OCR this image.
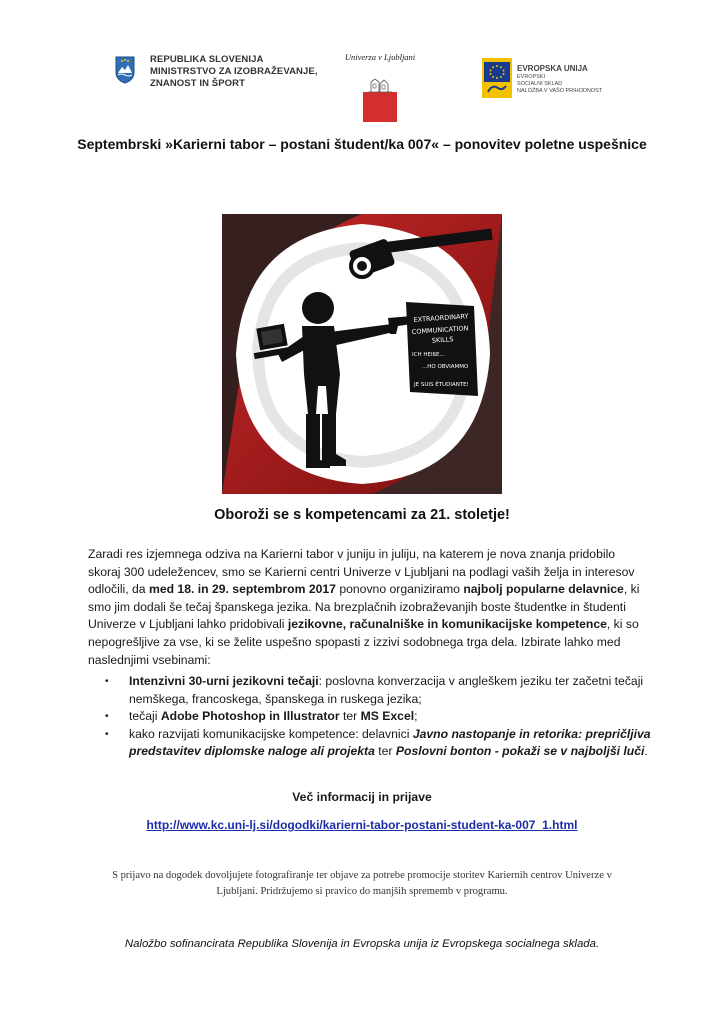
REPUBLIKA SLOVENIJA
MINISTRSTVO ZA IZOBRAŽEVANJE,
ZNANOST IN ŠPORT
Univerza v Ljubljani
EVROPSKA UNIJA
EVROPSKI
SOCIALNI SKLAD
NALOŽBA V VAŠO PRIHODNOST
Septembrski »Karierni tabor – postani študent/ka 007« – ponovitev poletne uspešnice
EXTRAORDINARY
COMMUNICATION
SKILLS
ICH HEIßE...
...HO OBVIAMMO
JE SUIS ÉTUDIANTE!
Oboroži se s kompetencami za 21. stoletje!

Zaradi res izjemnega odziva na Karierni tabor v juniju in juliju, na katerem je nova znanja pridobilo skoraj 300 udeležencev, smo se Karierni centri Univerze v Ljubljani na podlagi vaših želja in interesov odločili, da med 18. in 29. septembrom 2017 ponovno organiziramo najbolj popularne delavnice, ki smo jim dodali še tečaj španskega jezika. Na brezplačnih izobraževanjih boste študentke in študenti Univerze v Ljubljani lahko pridobivali jezikovne, računalniške in komunikacijske kompetence, ki so nepogrešljive za vse, ki se želite uspešno spopasti z izzivi sodobnega trga dela. Izbirate lahko med naslednjimi vsebinami:

• Intenzivni 30-urni jezikovni tečaji: poslovna konverzacija v angleškem jeziku ter začetni tečaji nemškega, francoskega, španskega in ruskega jezika;
• tečaji Adobe Photoshop in Illustrator ter MS Excel;
• kako razvijati komunikacijske kompetence: delavnici Javno nastopanje in retorika: prepričljiva predstavitev diplomske naloge ali projekta ter Poslovni bonton - pokaži se v najboljši luči.
Več informacij in prijave
http://www.kc.uni-lj.si/dogodki/karierni-tabor-postani-student-ka-007_1.html
S prijavo na dogodek dovoljujete fotografiranje ter objave za potrebe promocije storitev Kariernih centrov Univerze v Ljubljani. Pridržujemo si pravico do manjših sprememb v programu.
Naložbo sofinancirata Republika Slovenija in Evropska unija iz Evropskega socialnega sklada.
